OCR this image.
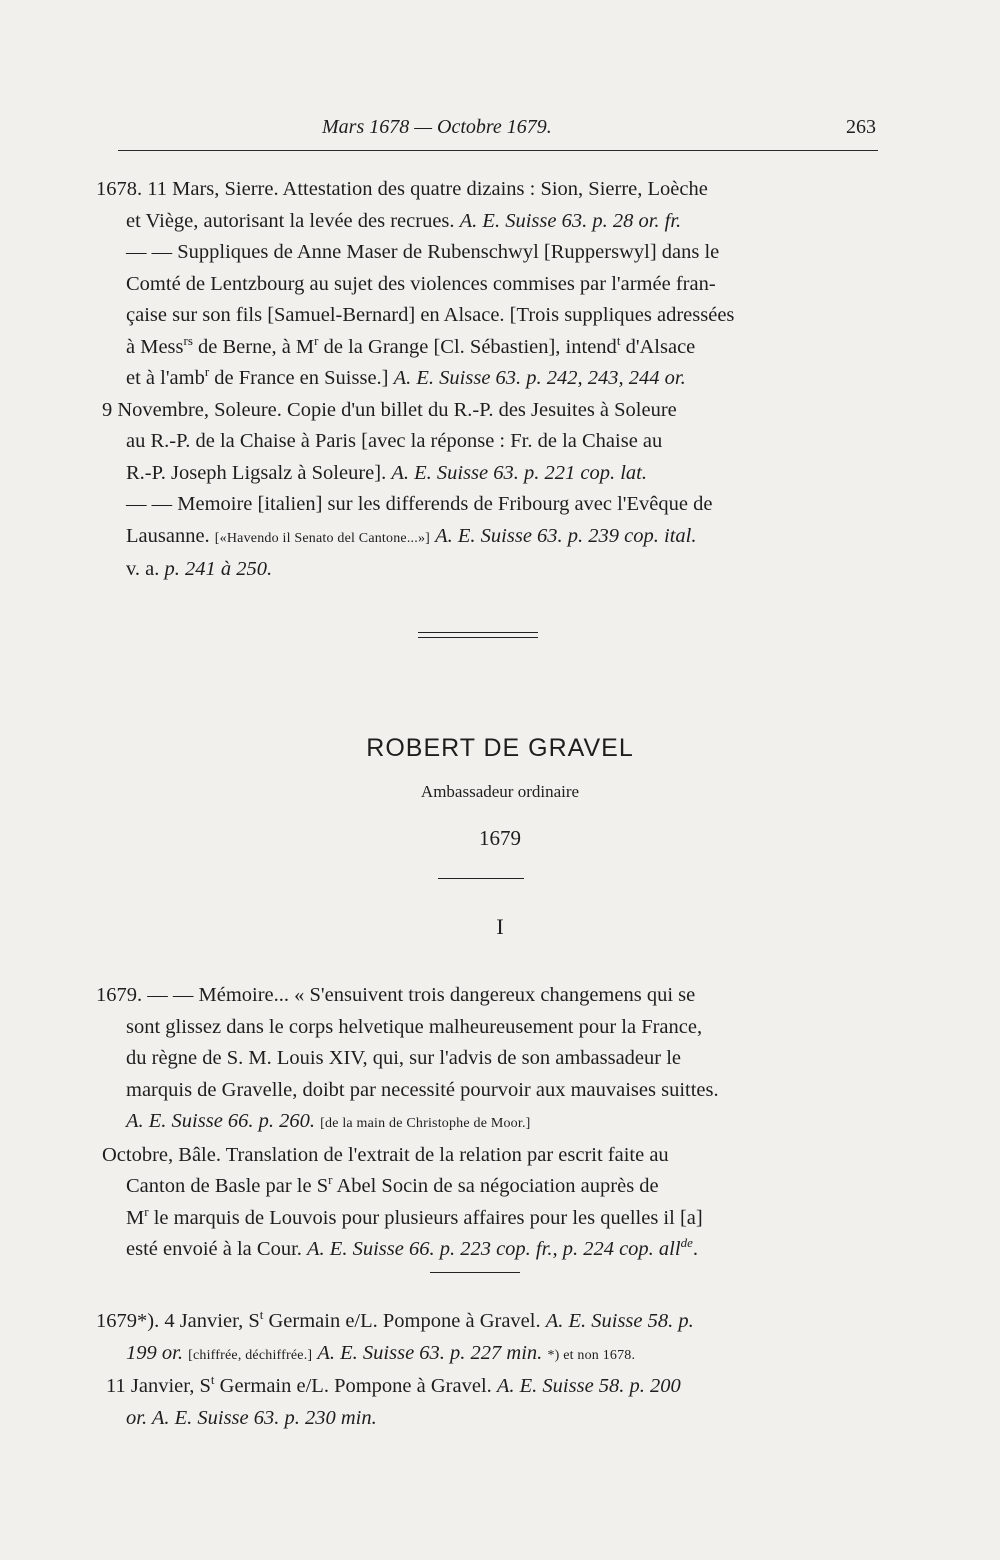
Mars 1678 — Octobre 1679.	263
1678. 11 Mars, Sierre. Attestation des quatre dizains : Sion, Sierre, Loèche
et Viège, autorisant la levée des recrues. A. E. Suisse 63. p. 28 or. fr.
— — Suppliques de Anne Maser de Rubenschwyl [Rupperswyl] dans le
Comté de Lentzbourg au sujet des violences commises par l'armée fran-
çaise sur son fils [Samuel-Bernard] en Alsace. [Trois suppliques adressées
à Mess$^{rs}$ de Berne, à $M^r$ de la Grange [Cl. Sébastien], intend$^t$ d'Alsace
et à l'amb$^r$ de France en Suisse.] A. E. Suisse 63. p. 242, 243, 244 or.
9 Novembre, Soleure. Copie d'un billet du R.-P. des Jesuites à Soleure
au R.-P. de la Chaise à Paris [avec la réponse : Fr. de la Chaise au
R.-P. Joseph Ligsalz à Soleure]. A. E. Suisse 63. p. 221 cop. lat.
— — Memoire [italien] sur les differends de Fribourg avec l'Evêque de
Lausanne. [«Havendo il Senato del Cantone...»] A. E. Suisse 63. p. 239 cop. ital.
v. a. p. 241 à 250.
ROBERT DE GRAVEL
Ambassadeur ordinaire
1679
I
1679. — — Mémoire... « S'ensuivent trois dangereux changemens qui se
sont glissez dans le corps helvetique malheureusement pour la France,
du règne de S. M. Louis XIV, qui, sur l'advis de son ambassadeur le
marquis de Gravelle, doibt par necessité pourvoir aux mauvaises suittes.
A. E. Suisse 66. p. 260. [de la main de Christophe de Moor.]
Octobre, Bâle. Translation de l'extrait de la relation par escrit faite au
Canton de Basle par le $S^r$ Abel Socin de sa négociation auprès de
$M^r$ le marquis de Louvois pour plusieurs affaires pour les quelles il [a]
esté envoié à la Cour. A. E. Suisse 66. p. 223 cop. fr., p. 224 cop. all$^{de}$.
1679*). 4 Janvier, $S^t$ Germain e/L. Pompone à Gravel. A. E. Suisse 58. p.
199 or. [chiffrée, déchiffrée.] A. E. Suisse 63. p. 227 min. *) et non 1678.
11 Janvier, $S^t$ Germain e/L. Pompone à Gravel. A. E. Suisse 58. p. 200
or. A. E. Suisse 63. p. 230 min.
